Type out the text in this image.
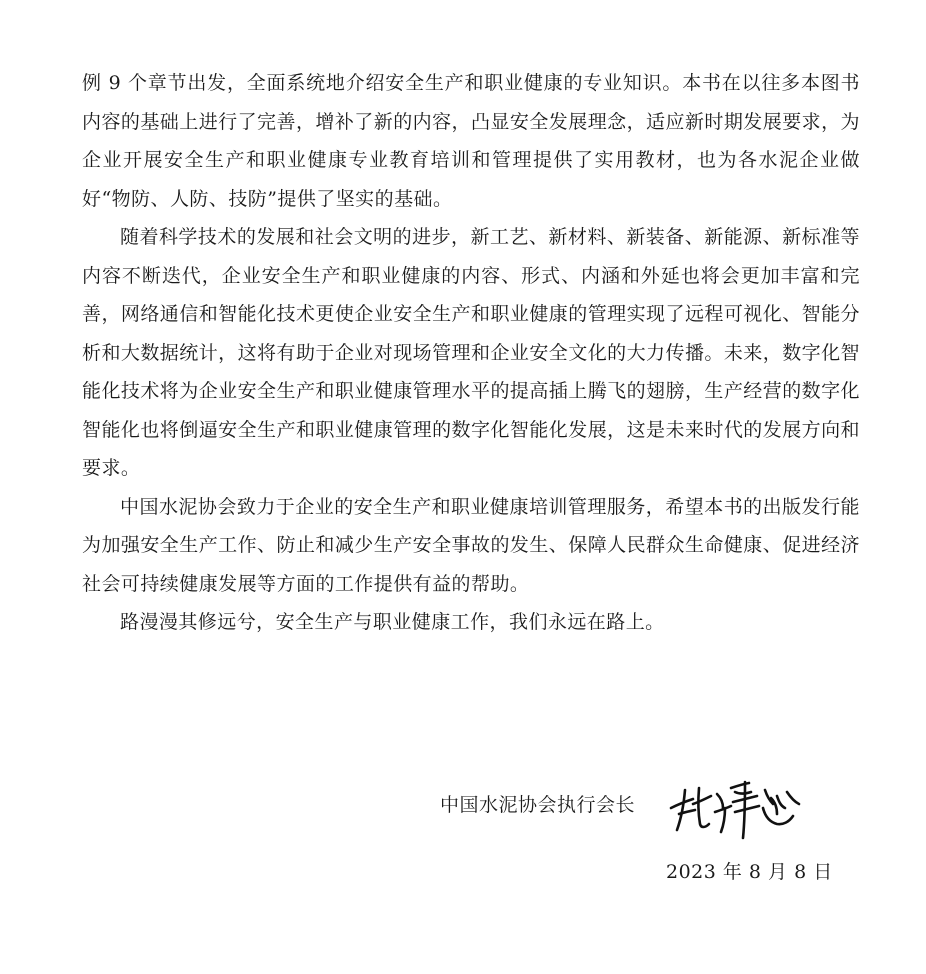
例 9 个章节出发，全面系统地介绍安全生产和职业健康的专业知识。本书在以往多本图书内容的基础上进行了完善，增补了新的内容，凸显安全发展理念，适应新时期发展要求，为企业开展安全生产和职业健康专业教育培训和管理提供了实用教材，也为各水泥企业做好“物防、人防、技防”提供了坚实的基础。

随着科学技术的发展和社会文明的进步，新工艺、新材料、新装备、新能源、新标准等内容不断迭代，企业安全生产和职业健康的内容、形式、内涵和外延也将会更加丰富和完善，网络通信和智能化技术更使企业安全生产和职业健康的管理实现了远程可视化、智能分析和大数据统计，这将有助于企业对现场管理和企业安全文化的大力传播。未来，数字化智能化技术将为企业安全生产和职业健康管理水平的提高插上腾飞的翅膀，生产经营的数字化智能化也将倒逼安全生产和职业健康管理的数字化智能化发展，这是未来时代的发展方向和要求。

中国水泥协会致力于企业的安全生产和职业健康培训管理服务，希望本书的出版发行能为加强安全生产工作、防止和减少生产安全事故的发生、保障人民群众生命健康、促进经济社会可持续健康发展等方面的工作提供有益的帮助。

路漫漫其修远兮，安全生产与职业健康工作，我们永远在路上。

中国水泥协会执行会长
2023 年 8 月 8 日
